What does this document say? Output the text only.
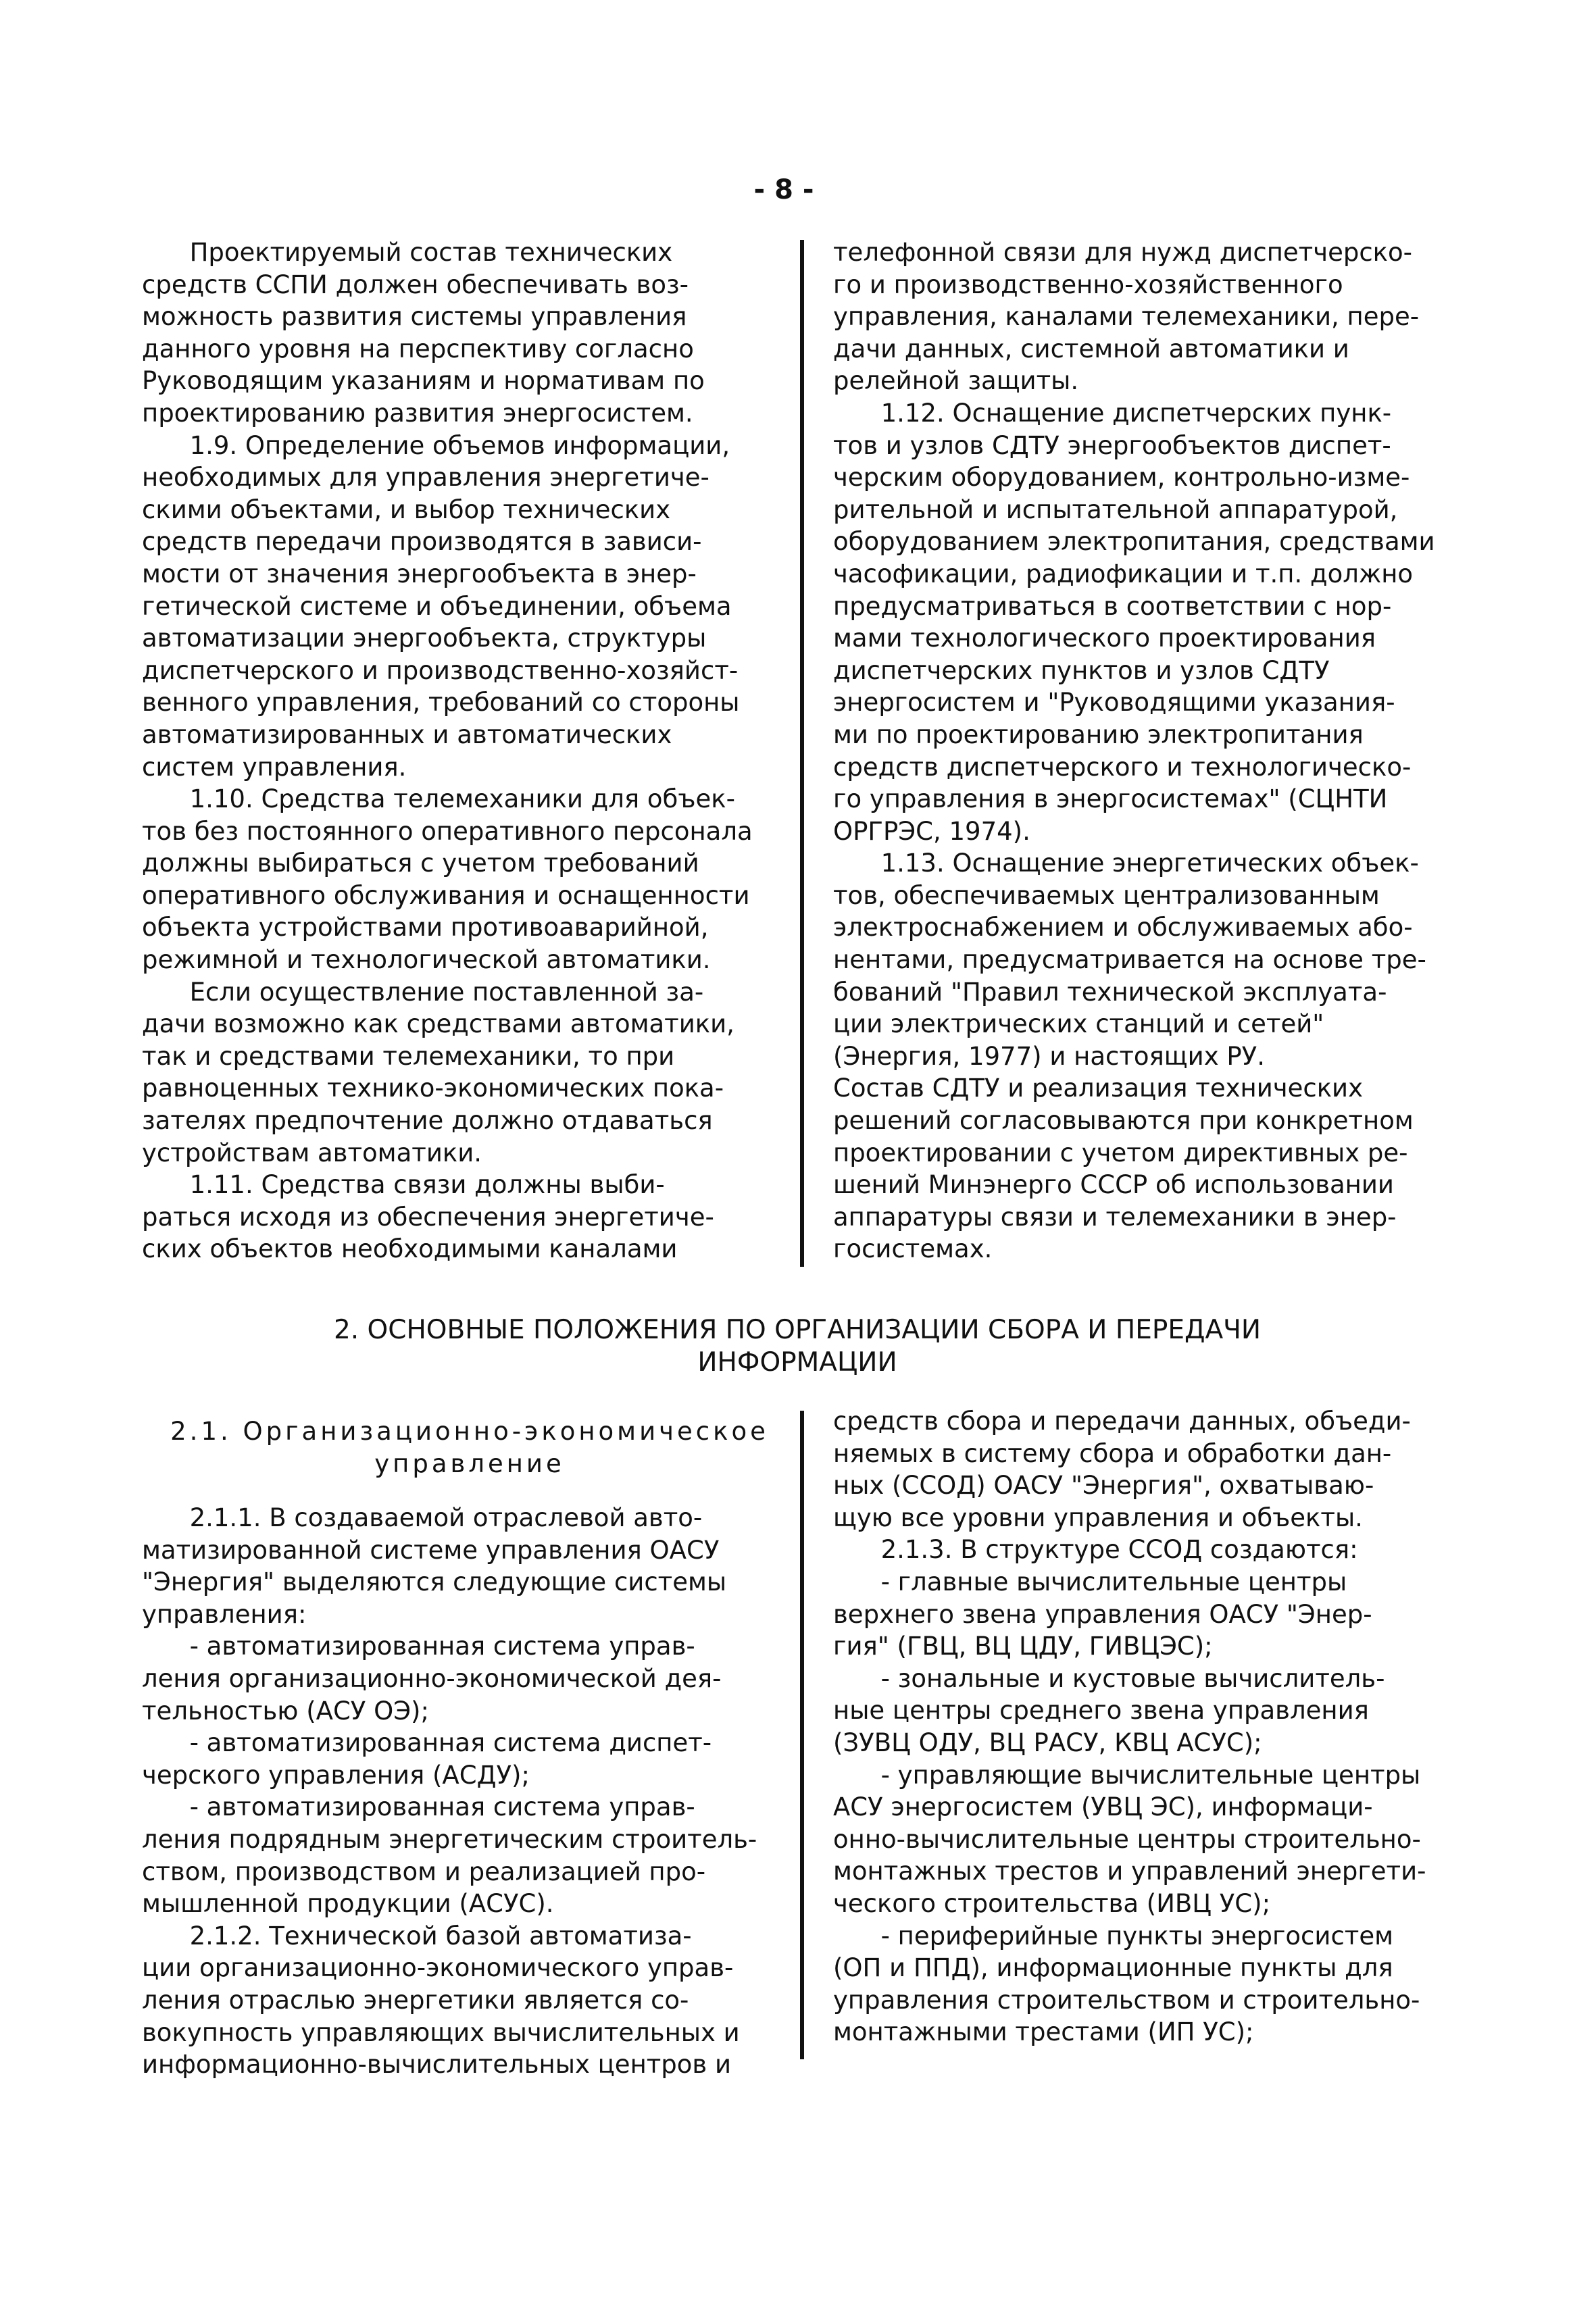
- 8 -

Проектируемый состав технических
средств ССПИ должен обеспечивать воз-
можность развития системы управления
данного уровня на перспективу согласно
Руководящим указаниям и нормативам по
проектированию развития энергосистем.

1.9. Определение объемов информации,
необходимых для управления энергетиче-
скими объектами, и выбор технических
средств передачи производятся в зависи-
мости от значения энергообъекта в энер-
гетической системе и объединении, объема
автоматизации энергообъекта, структуры
диспетчерского и производственно-хозяйст-
венного управления, требований со стороны
автоматизированных и автоматических
систем управления.

1.10. Средства телемеханики для объек-
тов без постоянного оперативного персонала
должны выбираться с учетом требований
оперативного обслуживания и оснащенности
объекта устройствами противоаварийной,
режимной и технологической автоматики.

Если осуществление поставленной за-
дачи возможно как средствами автоматики,
так и средствами телемеханики, то при
равноценных технико-экономических пока-
зателях предпочтение должно отдаваться
устройствам автоматики.

1.11. Средства связи должны выби-
раться исходя из обеспечения энергетиче-
ских объектов необходимыми каналами

телефонной связи для нужд диспетчерско-
го и производственно-хозяйственного
управления, каналами телемеханики, пере-
дачи данных, системной автоматики и
релейной защиты.

1.12. Оснащение диспетчерских пунк-
тов и узлов СДТУ энергообъектов диспет-
черским оборудованием, контрольно-изме-
рительной и испытательной аппаратурой,
оборудованием электропитания, средствами
часофикации, радиофикации и т.п. должно
предусматриваться в соответствии с нор-
мами технологического проектирования
диспетчерских пунктов и узлов СДТУ
энергосистем и "Руководящими указания-
ми по проектированию электропитания
средств диспетчерского и технологическо-
го управления в энергосистемах" (СЦНТИ
ОРГРЭС, 1974).

1.13. Оснащение энергетических объек-
тов, обеспечиваемых централизованным
электроснабжением и обслуживаемых або-
нентами, предусматривается на основе тре-
бований "Правил технической эксплуата-
ции электрических станций и сетей"
(Энергия, 1977) и настоящих РУ.
Состав СДТУ и реализация технических
решений согласовываются при конкретном
проектировании с учетом директивных ре-
шений Минэнерго СССР об использовании
аппаратуры связи и телемеханики в энер-
госистемах.

2. ОСНОВНЫЕ ПОЛОЖЕНИЯ ПО ОРГАНИЗАЦИИ СБОРА И ПЕРЕДАЧИ
ИНФОРМАЦИИ

2.1. Организационно-экономическое
управление

2.1.1. В создаваемой отраслевой авто-
матизированной системе управления ОАСУ
"Энергия" выделяются следующие системы
управления:

- автоматизированная система управ-
ления организационно-экономической дея-
тельностью (АСУ ОЭ);

- автоматизированная система диспет-
черского управления (АСДУ);

- автоматизированная система управ-
ления подрядным энергетическим строитель-
ством, производством и реализацией про-
мышленной продукции (АСУС).

2.1.2. Технической базой автоматиза-
ции организационно-экономического управ-
ления отраслью энергетики является со-
вокупность управляющих вычислительных и
информационно-вычислительных центров и

средств сбора и передачи данных, объеди-
няемых в систему сбора и обработки дан-
ных (ССОД) ОАСУ "Энергия", охватываю-
щую все уровни управления и объекты.

2.1.3. В структуре ССОД создаются:

- главные вычислительные центры
верхнего звена управления ОАСУ "Энер-
гия" (ГВЦ, ВЦ ЦДУ, ГИВЦЭС);

- зональные и кустовые вычислитель-
ные центры среднего звена управления
(ЗУВЦ ОДУ, ВЦ РАСУ, КВЦ АСУС);

- управляющие вычислительные центры
АСУ энергосистем (УВЦ ЭС), информаци-
онно-вычислительные центры строительно-
монтажных трестов и управлений энергети-
ческого строительства (ИВЦ УС);

- периферийные пункты энергосистем
(ОП и ППД), информационные пункты для
управления строительством и строительно-
монтажными трестами (ИП УС);
